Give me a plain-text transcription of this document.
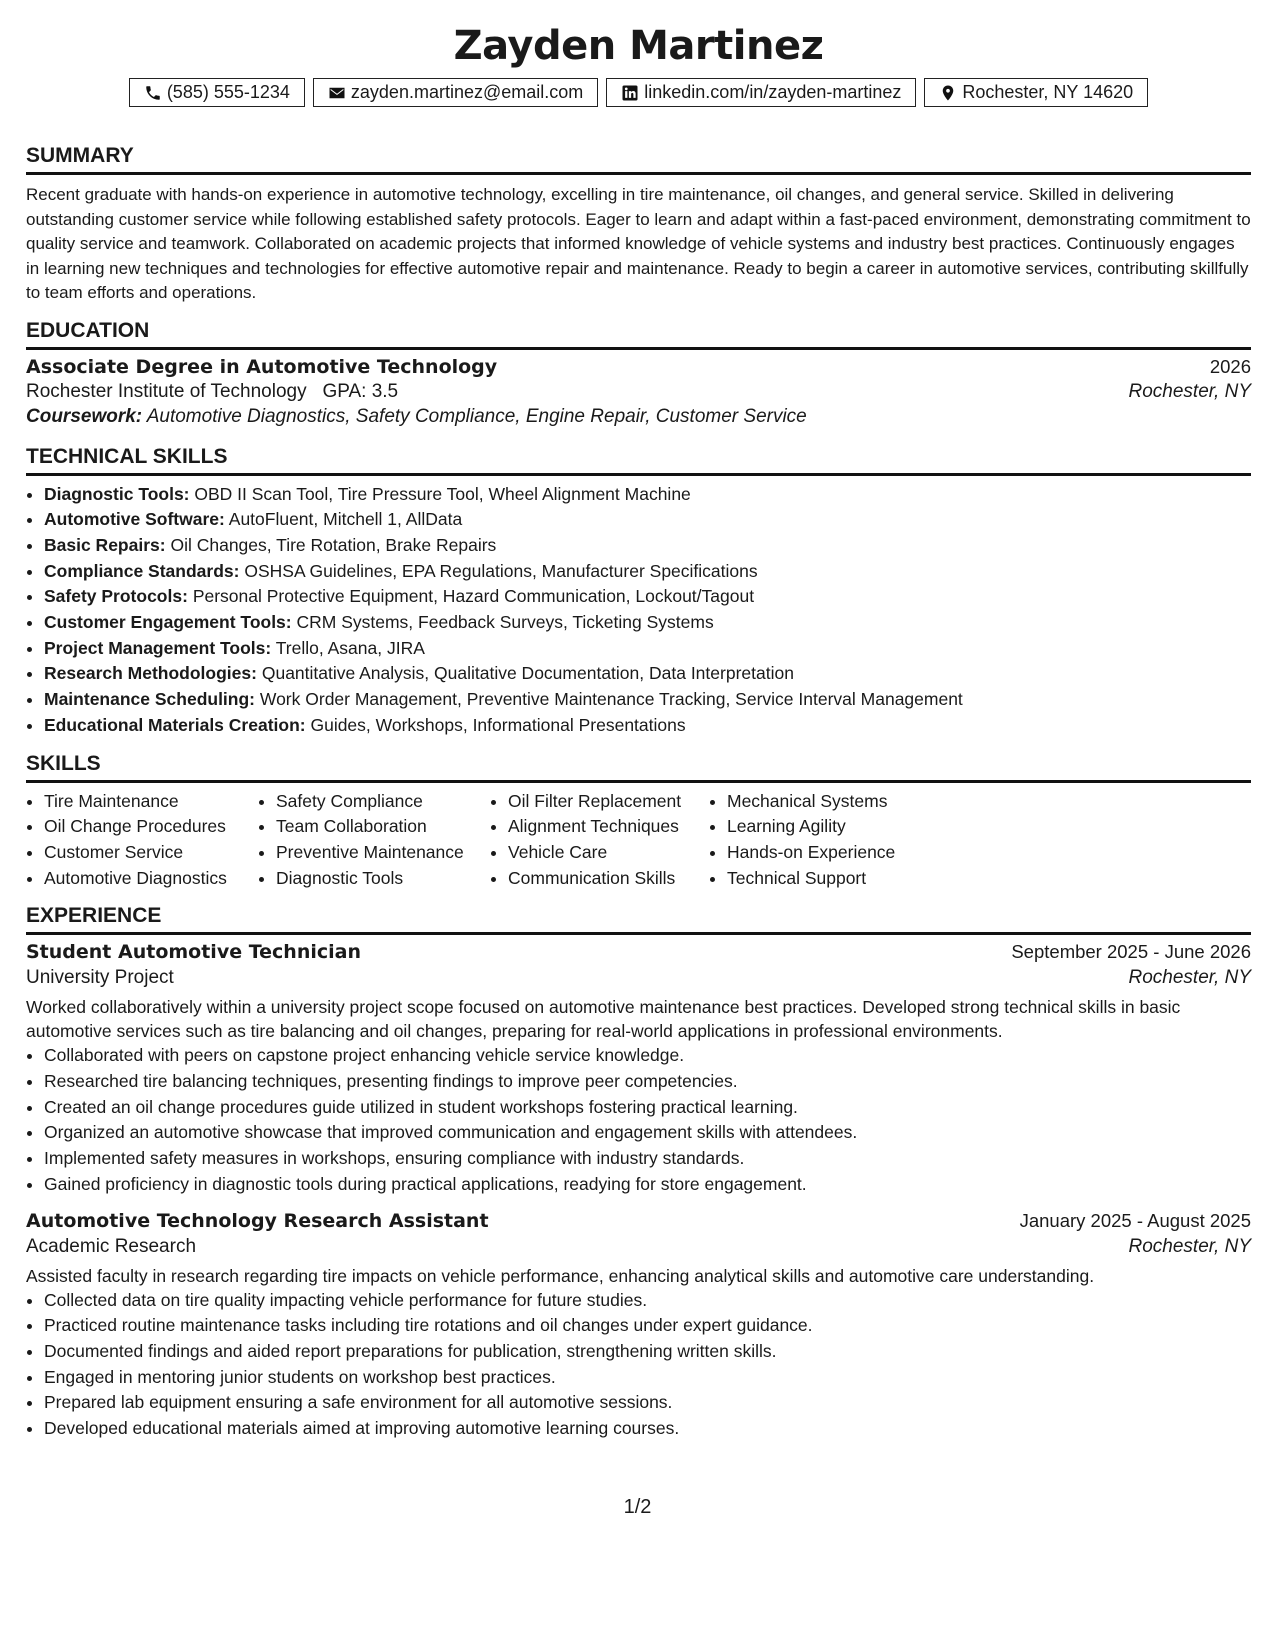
Zayden Martinez
(585) 555-1234	zayden.martinez@email.com	linkedin.com/in/zayden-martinez	Rochester, NY 14620
SUMMARY
Recent graduate with hands-on experience in automotive technology, excelling in tire maintenance, oil changes, and general service. Skilled in delivering outstanding customer service while following established safety protocols. Eager to learn and adapt within a fast-paced environment, demonstrating commitment to quality service and teamwork. Collaborated on academic projects that informed knowledge of vehicle systems and industry best practices. Continuously engages in learning new techniques and technologies for effective automotive repair and maintenance. Ready to begin a career in automotive services, contributing skillfully to team efforts and operations.
EDUCATION
Associate Degree in Automotive Technology	2026
Rochester Institute of Technology GPA: 3.5	Rochester, NY
Coursework: Automotive Diagnostics, Safety Compliance, Engine Repair, Customer Service
TECHNICAL SKILLS
• Diagnostic Tools: OBD II Scan Tool, Tire Pressure Tool, Wheel Alignment Machine
• Automotive Software: AutoFluent, Mitchell 1, AllData
• Basic Repairs: Oil Changes, Tire Rotation, Brake Repairs
• Compliance Standards: OSHSA Guidelines, EPA Regulations, Manufacturer Specifications
• Safety Protocols: Personal Protective Equipment, Hazard Communication, Lockout/Tagout
• Customer Engagement Tools: CRM Systems, Feedback Surveys, Ticketing Systems
• Project Management Tools: Trello, Asana, JIRA
• Research Methodologies: Quantitative Analysis, Qualitative Documentation, Data Interpretation
• Maintenance Scheduling: Work Order Management, Preventive Maintenance Tracking, Service Interval Management
• Educational Materials Creation: Guides, Workshops, Informational Presentations
SKILLS
• Tire Maintenance
• Oil Change Procedures
• Customer Service
• Automotive Diagnostics
• Safety Compliance
• Team Collaboration
• Preventive Maintenance
• Diagnostic Tools
• Oil Filter Replacement
• Alignment Techniques
• Vehicle Care
• Communication Skills
• Mechanical Systems
• Learning Agility
• Hands-on Experience
• Technical Support
EXPERIENCE
Student Automotive Technician	September 2025 - June 2026
University Project	Rochester, NY
Worked collaboratively within a university project scope focused on automotive maintenance best practices. Developed strong technical skills in basic automotive services such as tire balancing and oil changes, preparing for real-world applications in professional environments.
• Collaborated with peers on capstone project enhancing vehicle service knowledge.
• Researched tire balancing techniques, presenting findings to improve peer competencies.
• Created an oil change procedures guide utilized in student workshops fostering practical learning.
• Organized an automotive showcase that improved communication and engagement skills with attendees.
• Implemented safety measures in workshops, ensuring compliance with industry standards.
• Gained proficiency in diagnostic tools during practical applications, readying for store engagement.
Automotive Technology Research Assistant	January 2025 - August 2025
Academic Research	Rochester, NY
Assisted faculty in research regarding tire impacts on vehicle performance, enhancing analytical skills and automotive care understanding.
• Collected data on tire quality impacting vehicle performance for future studies.
• Practiced routine maintenance tasks including tire rotations and oil changes under expert guidance.
• Documented findings and aided report preparations for publication, strengthening written skills.
• Engaged in mentoring junior students on workshop best practices.
• Prepared lab equipment ensuring a safe environment for all automotive sessions.
• Developed educational materials aimed at improving automotive learning courses.
1/2
